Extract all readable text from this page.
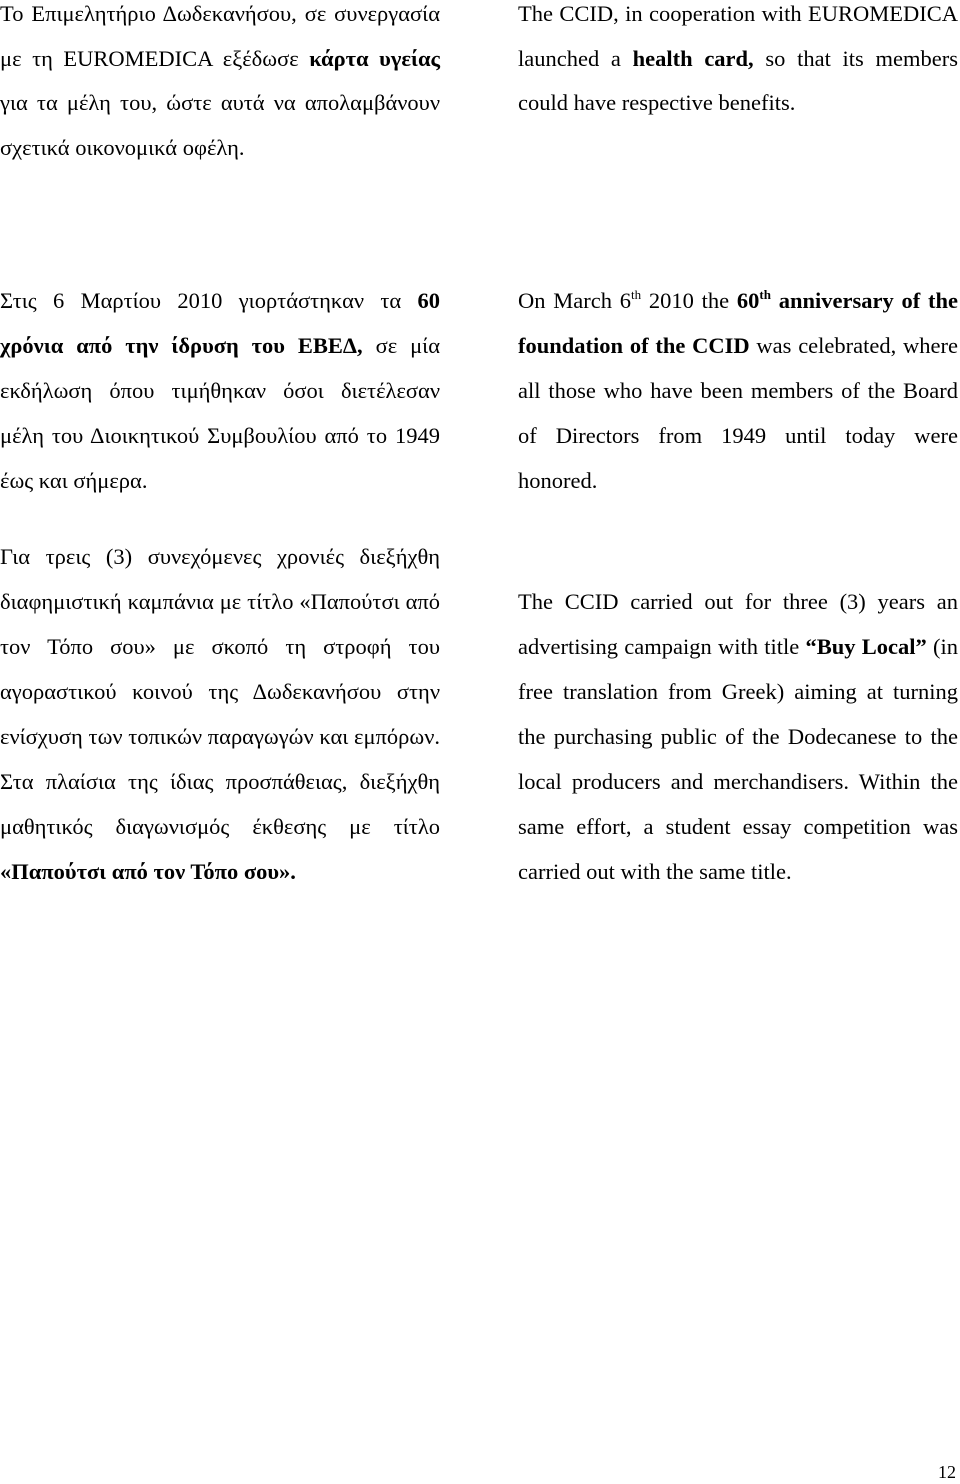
Το Επιμελητήριο Δωδεκανήσου, σε συνεργασία με τη EUROMEDICA εξέδωσε κάρτα υγείας για τα μέλη του, ώστε αυτά να απολαμβάνουν σχετικά οικονομικά οφέλη.

The CCID, in cooperation with EUROMEDICA launched a health card, so that its members could have respective benefits.

Στις 6 Μαρτίου 2010 γιορτάστηκαν τα 60 χρόνια από την ίδρυση του ΕΒΕΔ, σε μία εκδήλωση όπου τιμήθηκαν όσοι διετέλεσαν μέλη του Διοικητικού Συμβουλίου από το 1949 έως και σήμερα.

On March 6th 2010 the 60th anniversary of the foundation of the CCID was celebrated, where all those who have been members of the Board of Directors from 1949 until today were honored.

Για τρεις (3) συνεχόμενες χρονιές διεξήχθη διαφημιστική καμπάνια με τίτλο «Παπούτσι από τον Τόπο σου» με σκοπό τη στροφή του αγοραστικού κοινού της Δωδεκανήσου στην ενίσχυση των τοπικών παραγωγών και εμπόρων. Στα πλαίσια της ίδιας προσπάθειας, διεξήχθη μαθητικός διαγωνισμός έκθεσης με τίτλο «Παπούτσι από τον Τόπο σου».

The CCID carried out for three (3) years an advertising campaign with title “Buy Local” (in free translation from Greek) aiming at turning the purchasing public of the Dodecanese to the local producers and merchandisers. Within the same effort, a student essay competition was carried out with the same title.

12
